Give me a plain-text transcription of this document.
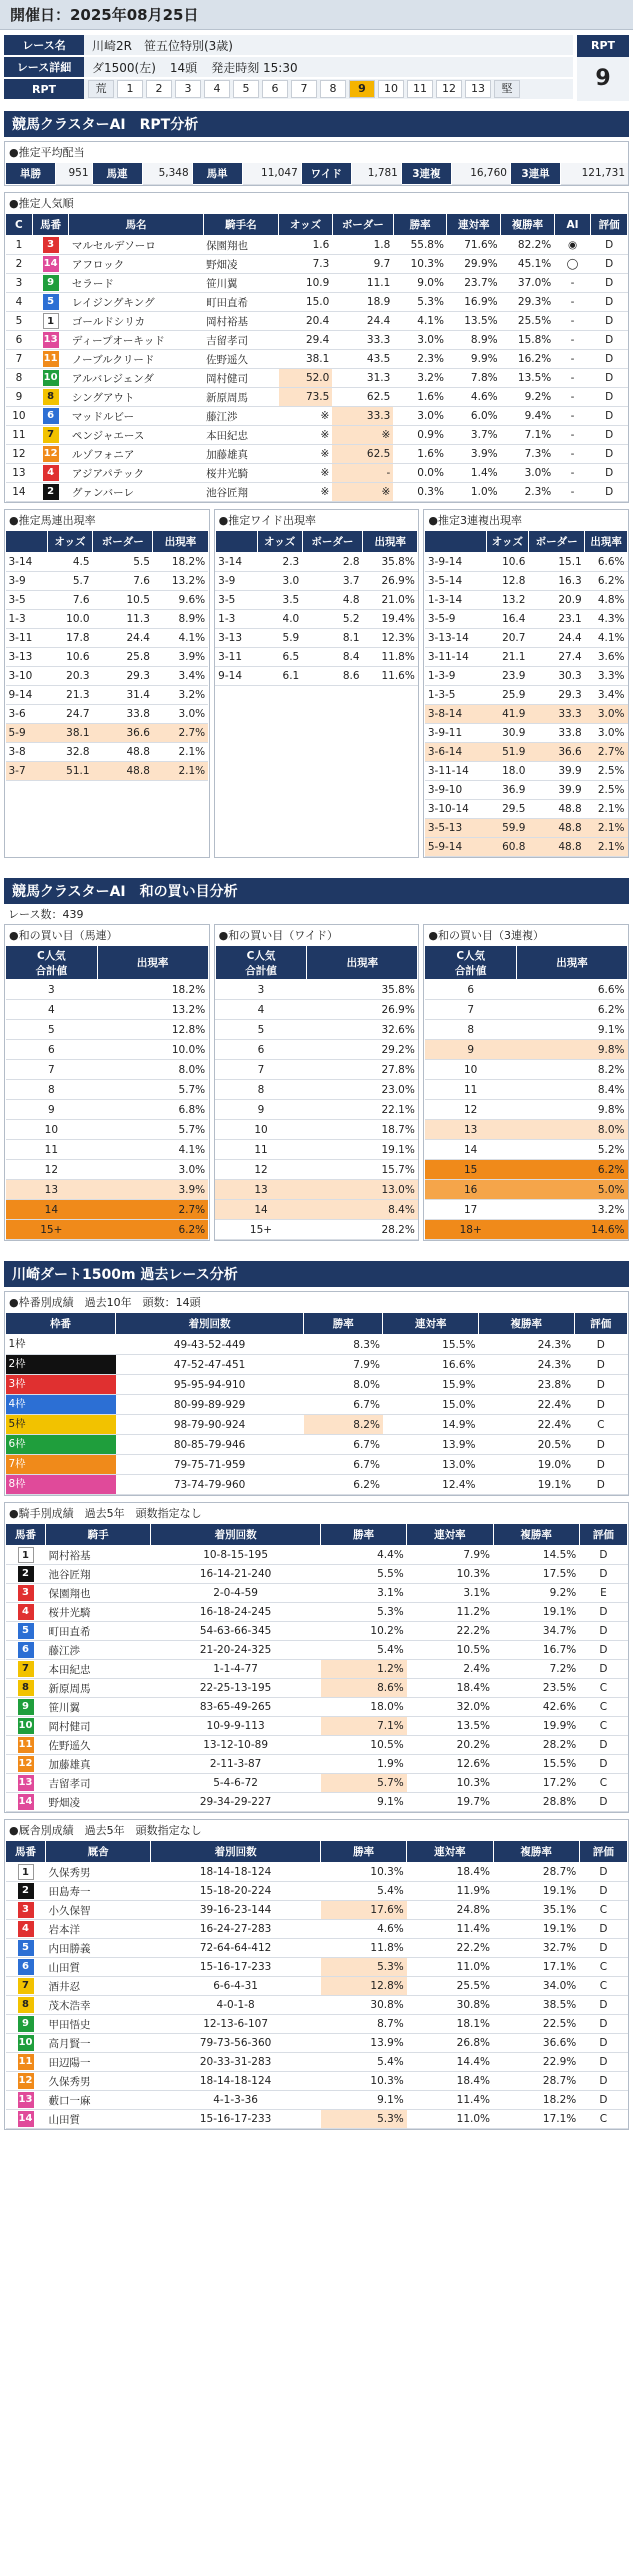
開催日：2025年08月25日
レース名	川崎2R　笹五位特別(3歳)
レース詳細	ダ1500(左) 14頭 発走時刻 15:30
RPT	荒	1	2	3	4	5	6	7	8	9	10	11	12	13	堅
RPT
9
競馬クラスターAI　RPT分析
●推定平均配当
単勝	951	馬連	5,348	馬単	11,047	ワイド	1,781	3連複	16,760	3連単	121,731
●推定人気順
C	馬番	馬名	騎手名	オッズ	ボーダー	勝率	連対率	複勝率	AI	評価
1	3	マルセルデソーロ	保園翔也	1.6	1.8	55.8%	71.6%	82.2%	◉	D
2	14	アフロック	野畑凌	7.3	9.7	10.3%	29.9%	45.1%	◯	D
3	9	セラード	笹川翼	10.9	11.1	9.0%	23.7%	37.0%	-	D
4	5	レイジングキング	町田直希	15.0	18.9	5.3%	16.9%	29.3%	-	D
5	1	ゴールドシリカ	岡村裕基	20.4	24.4	4.1%	13.5%	25.5%	-	D
6	13	ディープオーキッド	吉留孝司	29.4	33.3	3.0%	8.9%	15.8%	-	D
7	11	ノーブルクリード	佐野遥久	38.1	43.5	2.3%	9.9%	16.2%	-	D
8	10	アルバレジェンダ	岡村健司	52.0	31.3	3.2%	7.8%	13.5%	-	D
9	8	シングアウト	新原周馬	73.5	62.5	1.6%	4.6%	9.2%	-	D
10	6	マッドルビー	藤江渉	※	33.3	3.0%	6.0%	9.4%	-	D
11	7	ペンジャエース	本田紀忠	※	※	0.9%	3.7%	7.1%	-	D
12	12	ルゾフォニア	加藤雄真	※	62.5	1.6%	3.9%	7.3%	-	D
13	4	アジアパテック	桜井光騎	※	-	0.0%	1.4%	3.0%	-	D
14	2	グァンバーレ	池谷匠翔	※	※	0.3%	1.0%	2.3%	-	D
●推定馬連出現率
	オッズ	ボーダー	出現率
3-14	4.5	5.5	18.2%
3-9	5.7	7.6	13.2%
3-5	7.6	10.5	9.6%
1-3	10.0	11.3	8.9%
3-11	17.8	24.4	4.1%
3-13	10.6	25.8	3.9%
3-10	20.3	29.3	3.4%
9-14	21.3	31.4	3.2%
3-6	24.7	33.8	3.0%
5-9	38.1	36.6	2.7%
3-8	32.8	48.8	2.1%
3-7	51.1	48.8	2.1%
●推定ワイド出現率
	オッズ	ボーダー	出現率
3-14	2.3	2.8	35.8%
3-9	3.0	3.7	26.9%
3-5	3.5	4.8	21.0%
1-3	4.0	5.2	19.4%
3-13	5.9	8.1	12.3%
3-11	6.5	8.4	11.8%
9-14	6.1	8.6	11.6%
●推定3連複出現率
	オッズ	ボーダー	出現率
3-9-14	10.6	15.1	6.6%
3-5-14	12.8	16.3	6.2%
1-3-14	13.2	20.9	4.8%
3-5-9	16.4	23.1	4.3%
3-13-14	20.7	24.4	4.1%
3-11-14	21.1	27.4	3.6%
1-3-9	23.9	30.3	3.3%
1-3-5	25.9	29.3	3.4%
3-8-14	41.9	33.3	3.0%
3-9-11	30.9	33.8	3.0%
3-6-14	51.9	36.6	2.7%
3-11-14	18.0	39.9	2.5%
3-9-10	36.9	39.9	2.5%
3-10-14	29.5	48.8	2.1%
3-5-13	59.9	48.8	2.1%
5-9-14	60.8	48.8	2.1%
競馬クラスターAI　和の買い目分析
レース数：439
●和の買い目（馬連）
C人気
合計値	出現率
3	18.2%
4	13.2%
5	12.8%
6	10.0%
7	8.0%
8	5.7%
9	6.8%
10	5.7%
11	4.1%
12	3.0%
13	3.9%
14	2.7%
15+	6.2%
●和の買い目（ワイド）
C人気
合計値	出現率
3	35.8%
4	26.9%
5	32.6%
6	29.2%
7	27.8%
8	23.0%
9	22.1%
10	18.7%
11	19.1%
12	15.7%
13	13.0%
14	8.4%
15+	28.2%
●和の買い目（3連複）
C人気
合計値	出現率
6	6.6%
7	6.2%
8	9.1%
9	9.8%
10	8.2%
11	8.4%
12	9.8%
13	8.0%
14	5.2%
15	6.2%
16	5.0%
17	3.2%
18+	14.6%
川崎ダート1500m 過去レース分析
●枠番別成績　過去10年　頭数：14頭
枠番	着別回数	勝率	連対率	複勝率	評価

1枠	49-43-52-449	8.3%	15.5%	24.3%	D

2枠	47-52-47-451	7.9%	16.6%	24.3%	D

3枠	95-95-94-910	8.0%	15.9%	23.8%	D

4枠	80-99-89-929	6.7%	15.0%	22.4%	D

5枠	98-79-90-924	8.2%	14.9%	22.4%	C

6枠	80-85-79-946	6.7%	13.9%	20.5%	D

7枠	79-75-71-959	6.7%	13.0%	19.0%	D

8枠	73-74-79-960	6.2%	12.4%	19.1%	D
●騎手別成績　過去5年　頭数指定なし
馬番	騎手	着別回数	勝率	連対率	複勝率	評価
1	岡村裕基	10-8-15-195	4.4%	7.9%	14.5%	D
2	池谷匠翔	16-14-21-240	5.5%	10.3%	17.5%	D
3	保園翔也	2-0-4-59	3.1%	3.1%	9.2%	E
4	桜井光騎	16-18-24-245	5.3%	11.2%	19.1%	D
5	町田直希	54-63-66-345	10.2%	22.2%	34.7%	D
6	藤江渉	21-20-24-325	5.4%	10.5%	16.7%	D
7	本田紀忠	1-1-4-77	1.2%	2.4%	7.2%	D
8	新原周馬	22-25-13-195	8.6%	18.4%	23.5%	C
9	笹川翼	83-65-49-265	18.0%	32.0%	42.6%	C
10	岡村健司	10-9-9-113	7.1%	13.5%	19.9%	C
11	佐野遥久	13-12-10-89	10.5%	20.2%	28.2%	D
12	加藤雄真	2-11-3-87	1.9%	12.6%	15.5%	D
13	吉留孝司	5-4-6-72	5.7%	10.3%	17.2%	C
14	野畑凌	29-34-29-227	9.1%	19.7%	28.8%	D
●厩舎別成績　過去5年　頭数指定なし
馬番	厩舎	着別回数	勝率	連対率	複勝率	評価
1	久保秀男	18-14-18-124	10.3%	18.4%	28.7%	D
2	田島寿一	15-18-20-224	5.4%	11.9%	19.1%	D
3	小久保智	39-16-23-144	17.6%	24.8%	35.1%	C
4	岩本洋	16-24-27-283	4.6%	11.4%	19.1%	D
5	内田勝義	72-64-64-412	11.8%	22.2%	32.7%	D
6	山田質	15-16-17-233	5.3%	11.0%	17.1%	C
7	酒井忍	6-6-4-31	12.8%	25.5%	34.0%	C
8	茂木浩幸	4-0-1-8	30.8%	30.8%	38.5%	D
9	甲田悟史	12-13-6-107	8.7%	18.1%	22.5%	D
10	高月賢一	79-73-56-360	13.9%	26.8%	36.6%	D
11	田辺陽一	20-33-31-283	5.4%	14.4%	22.9%	D
12	久保秀男	18-14-18-124	10.3%	18.4%	28.7%	D
13	藪口一麻	4-1-3-36	9.1%	11.4%	18.2%	D
14	山田質	15-16-17-233	5.3%	11.0%	17.1%	C
